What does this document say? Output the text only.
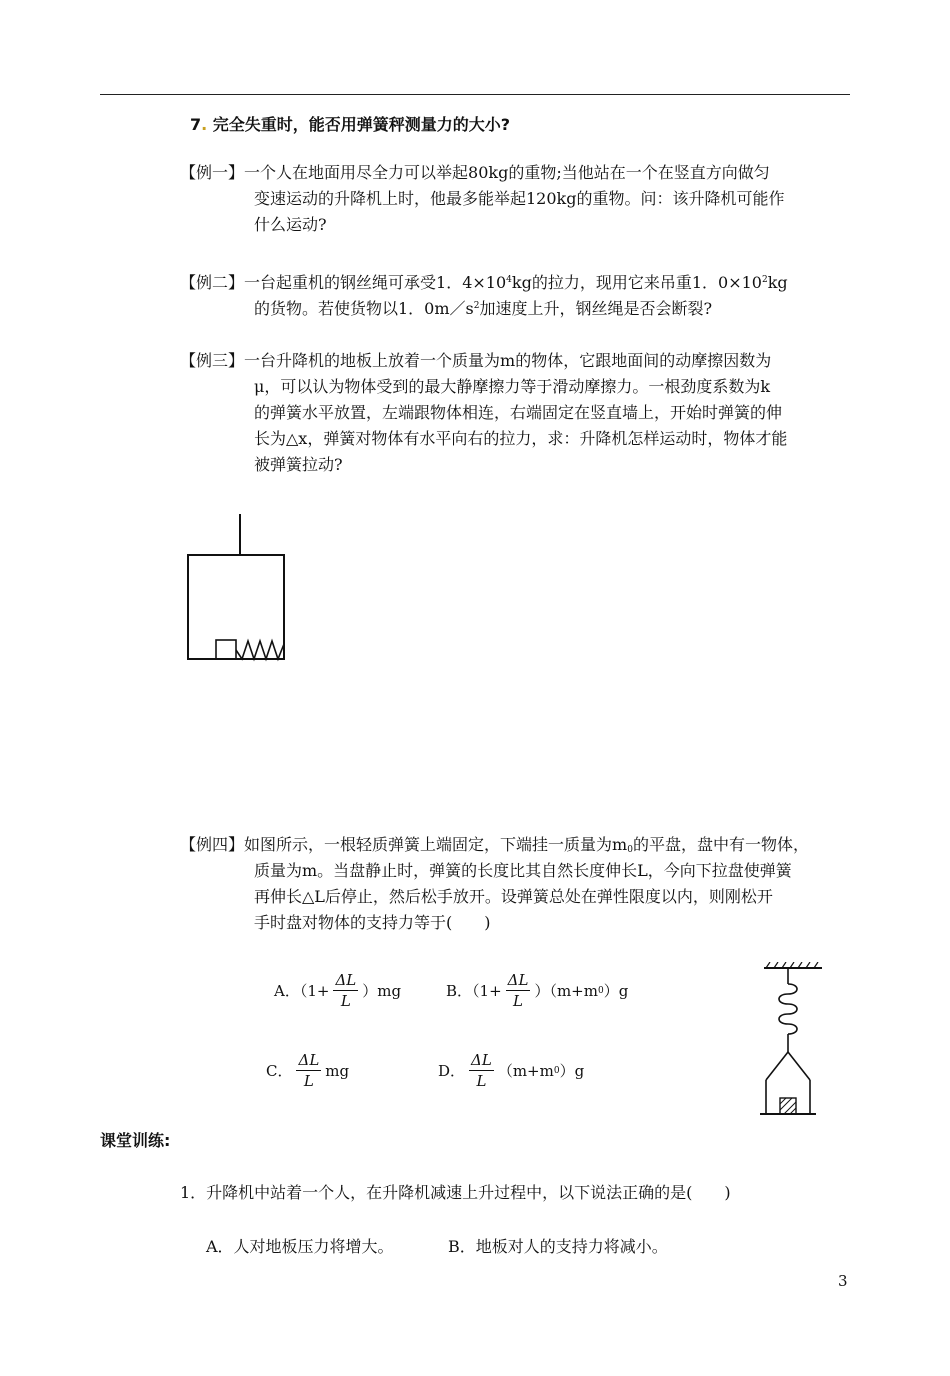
7. 完全失重时，能否用弹簧秤测量力的大小?
【例一】一个人在地面用尽全力可以举起80kg的重物;当他站在一个在竖直方向做匀
变速运动的升降机上时，他最多能举起120kg的重物。问：该升降机可能作
什么运动?
【例二】一台起重机的钢丝绳可承受1．$4\times 10^4kg$的拉力，现用它来吊重1．$0\times 10^2kg$
的货物。若使货物以1．$0m/s^2$加速度上升，钢丝绳是否会断裂?
【例三】一台升降机的地板上放着一个质量为m的物体，它跟地面间的动摩擦因数为
μ，可以认为物体受到的最大静摩擦力等于滑动摩擦力。一根劲度系数为k
的弹簧水平放置，左端跟物体相连，右端固定在竖直墙上，开始时弹簧的伸
长为△x，弹簧对物体有水平向右的拉力，求：升降机怎样运动时，物体才能
被弹簧拉动?
【例四】如图所示，一根轻质弹簧上端固定，下端挂一质量为$m_0$的平盘，盘中有一物体，
质量为m。当盘静止时，弹簧的长度比其自然长度伸长L，今向下拉盘使弹簧
再伸长△L后停止，然后松手放开。设弹簧总处在弹性限度以内，则刚松开
手时盘对物体的支持力等于(　　)
A．$(1+ \frac{\Delta L}{L} )mg$	B．$(1+ \frac{\Delta L}{L} )(m+m$ 0 ）g
C． $\frac{\Delta L}{L}$ mg	D． $\frac{\Delta L}{L} (m+m$ 0 ）g
课堂训练:
1．升降机中站着一个人，在升降机减速上升过程中，以下说法正确的是(　　)
A．人对地板压力将增大。	B．地板对人的支持力将减小。
3
